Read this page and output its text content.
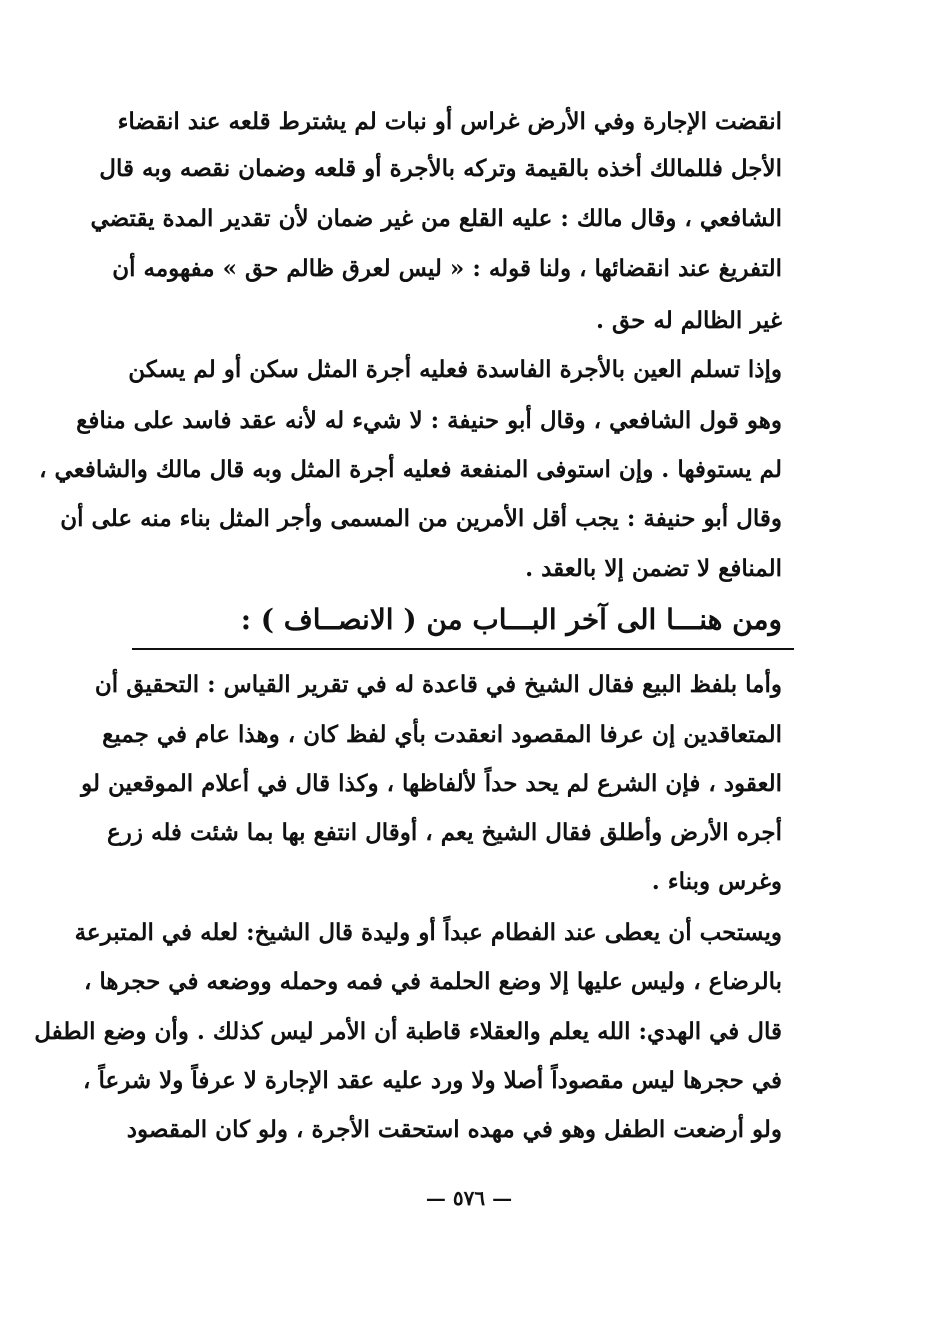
انقضت الإجارة وفي الأرض غراس أو نبات لم يشترط قلعه عند انقضاء
الأجل فللمالك أخذه بالقيمة وتركه بالأجرة أو قلعه وضمان نقصه وبه قال
الشافعي ، وقال مالك : عليه القلع من غير ضمان لأن تقدير المدة يقتضي
التفريغ عند انقضائها ، ولنا قوله : « ليس لعرق ظالم حق » مفهومه أن
غير الظالم له حق .
وإذا تسلم العين بالأجرة الفاسدة فعليه أجرة المثل سكن أو لم يسكن
وهو قول الشافعي ، وقال أبو حنيفة : لا شيء له لأنه عقد فاسد على منافع
لم يستوفها . وإن استوفى المنفعة فعليه أجرة المثل وبه قال مالك والشافعي ،
وقال أبو حنيفة : يجب أقل الأمرين من المسمى وأجر المثل بناء منه على أن
المنافع لا تضمن إلا بالعقد .
ومن هنـــا الى آخر البـــاب من ( الانصــاف ) :
وأما بلفظ البيع فقال الشيخ في قاعدة له في تقرير القياس : التحقيق أن
المتعاقدين إن عرفا المقصود انعقدت بأي لفظ كان ، وهذا عام في جميع
العقود ، فإن الشرع لم يحد حداً لألفاظها ، وكذا قال في أعلام الموقعين لو
أجره الأرض وأطلق فقال الشيخ يعم ، أوقال انتفع بها بما شئت فله زرع
وغرس وبناء .
ويستحب أن يعطى عند الفطام عبداً أو وليدة قال الشيخ: لعله في المتبرعة
بالرضاع ، وليس عليها إلا وضع الحلمة في فمه وحمله ووضعه في حجرها ،
قال في الهدي: الله يعلم والعقلاء قاطبة أن الأمر ليس كذلك . وأن وضع الطفل
في حجرها ليس مقصوداً أصلا ولا ورد عليه عقد الإجارة لا عرفاً ولا شرعاً ،
ولو أرضعت الطفل وهو في مهده استحقت الأجرة ، ولو كان المقصود
— ٥٧٦ —
